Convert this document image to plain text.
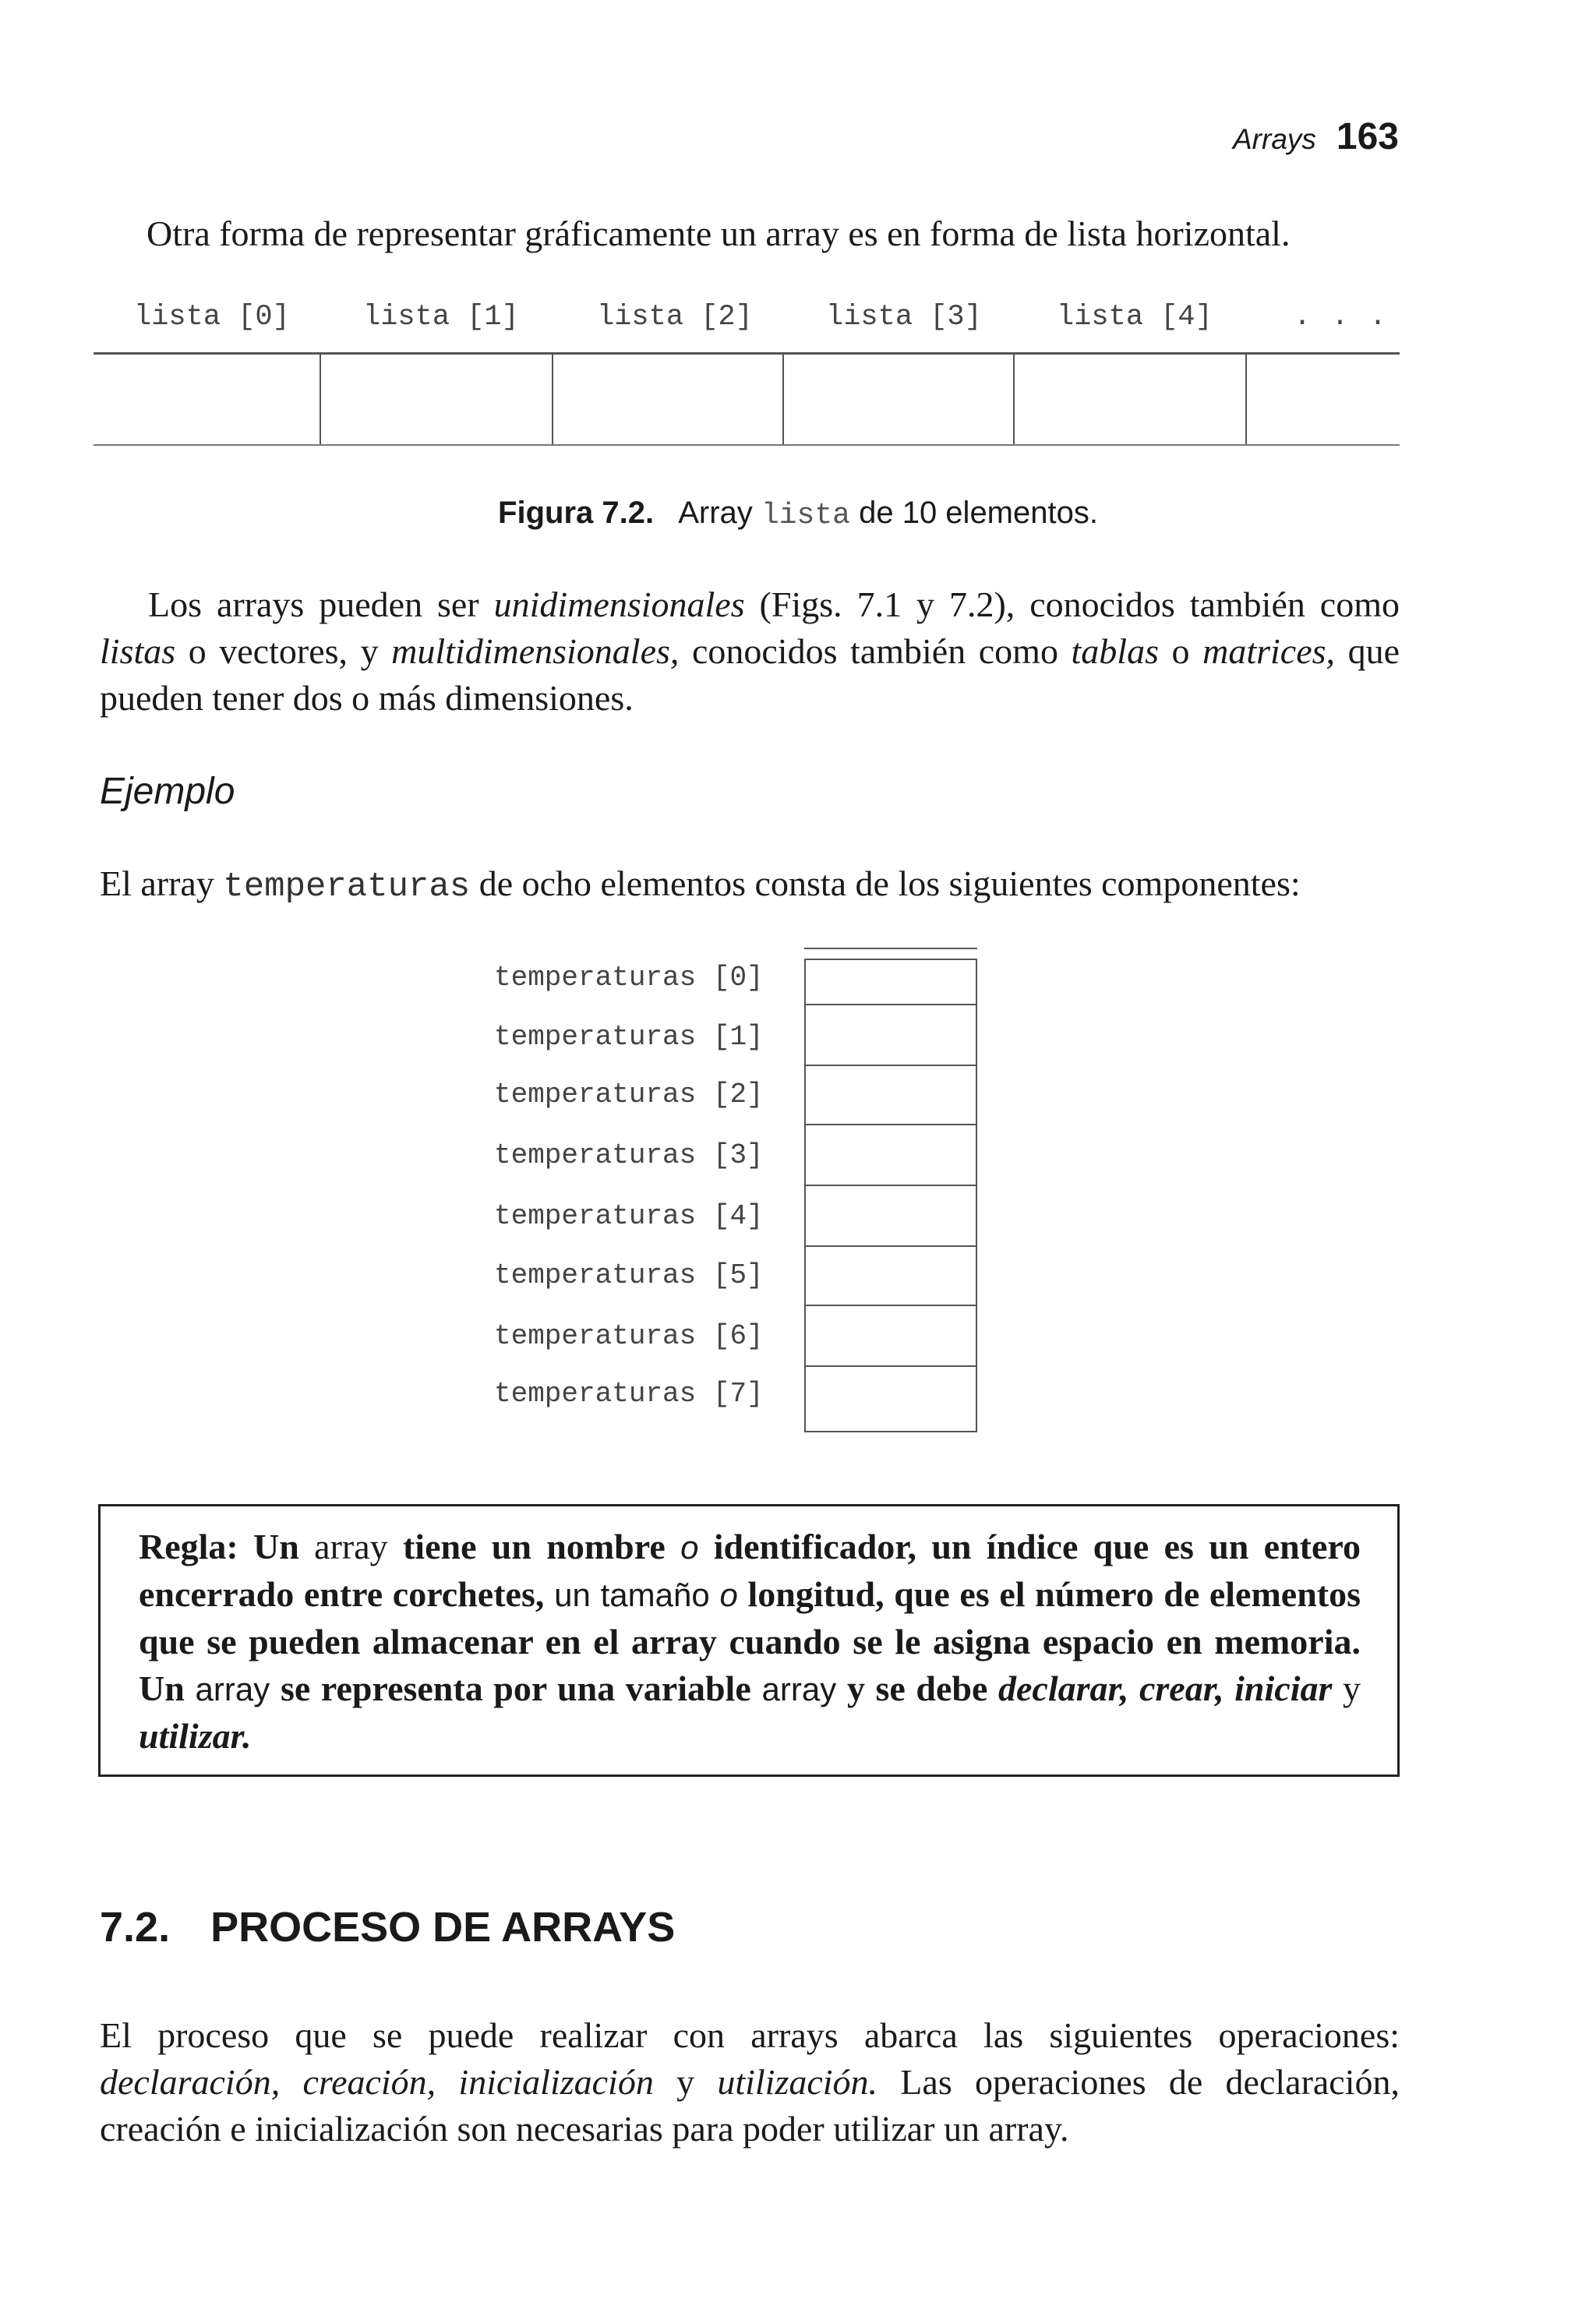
Arrays 163
Otra forma de representar gráficamente un array es en forma de lista horizontal.
lista [0]	lista [1]	lista [2]	lista [3]	lista [4]	. . .
Figura 7.2. Array lista de 10 elementos.
Los arrays pueden ser unidimensionales (Figs. 7.1 y 7.2), conocidos también como listas o vectores, y multidimensionales, conocidos también como tablas o matrices, que pueden tener dos o más dimensiones.
Ejemplo
El array temperaturas de ocho elementos consta de los siguientes componentes:
temperaturas [0]
temperaturas [1]
temperaturas [2]
temperaturas [3]
temperaturas [4]
temperaturas [5]
temperaturas [6]
temperaturas [7]
Regla: Un array tiene un nombre o identificador, un índice que es un entero encerrado entre corchetes, un tamaño o longitud, que es el número de elementos que se pueden almacenar en el array cuando se le asigna espacio en memoria. Un array se representa por una variable array y se debe declarar, crear, iniciar y utilizar.
7.2. PROCESO DE ARRAYS
El proceso que se puede realizar con arrays abarca las siguientes operaciones: declaración, creación, inicialización y utilización. Las operaciones de declaración, creación e inicialización son necesarias para poder utilizar un array.
